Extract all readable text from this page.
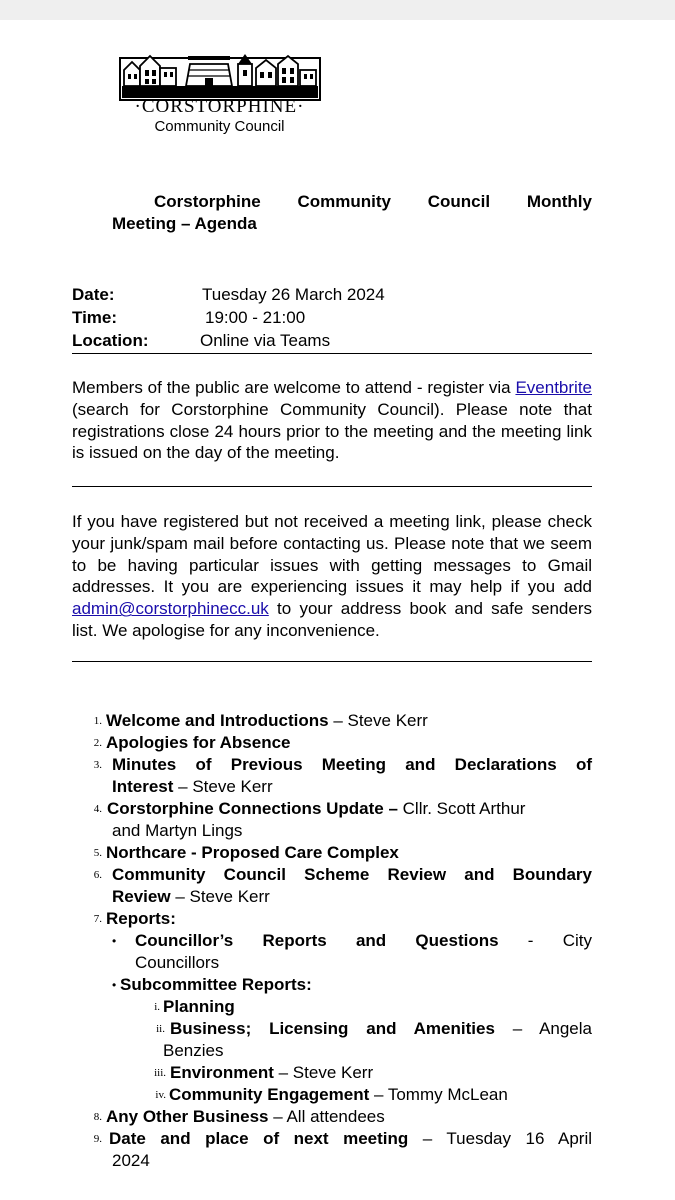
·CORSTORPHINE·
Community Council
Corstorphine Community Council Monthly
Meeting – Agenda
Date:	Tuesday 26 March 2024
Time:	19:00 - 21:00
Location:	Online via Teams
Members of the public are welcome to attend - register via Eventbrite (search for Corstorphine Community Council). Please note that registrations close 24 hours prior to the meeting and the meeting link is issued on the day of the meeting.
If you have registered but not received a meeting link, please check your junk/spam mail before contacting us. Please note that we seem to be having particular issues with getting messages to Gmail addresses. It you are experiencing issues it may help if you add admin@corstorphinecc.uk to your address book and safe senders list. We apologise for any inconvenience.
1. Welcome and Introductions – Steve Kerr
2. Apologies for Absence
3. Minutes of Previous Meeting and Declarations of
Interest – Steve Kerr
4. Corstorphine Connections Update – Cllr. Scott Arthur
and Martyn Lings
5. Northcare - Proposed Care Complex
6. Community Council Scheme Review and Boundary
Review – Steve Kerr
7. Reports:
• Councillor’s Reports and Questions - City
Councillors
• Subcommittee Reports:
i. Planning
ii. Business; Licensing and Amenities – Angela
Benzies
iii. Environment – Steve Kerr
iv. Community Engagement – Tommy McLean
8. Any Other Business – All attendees
9. Date and place of next meeting – Tuesday 16 April
2024
